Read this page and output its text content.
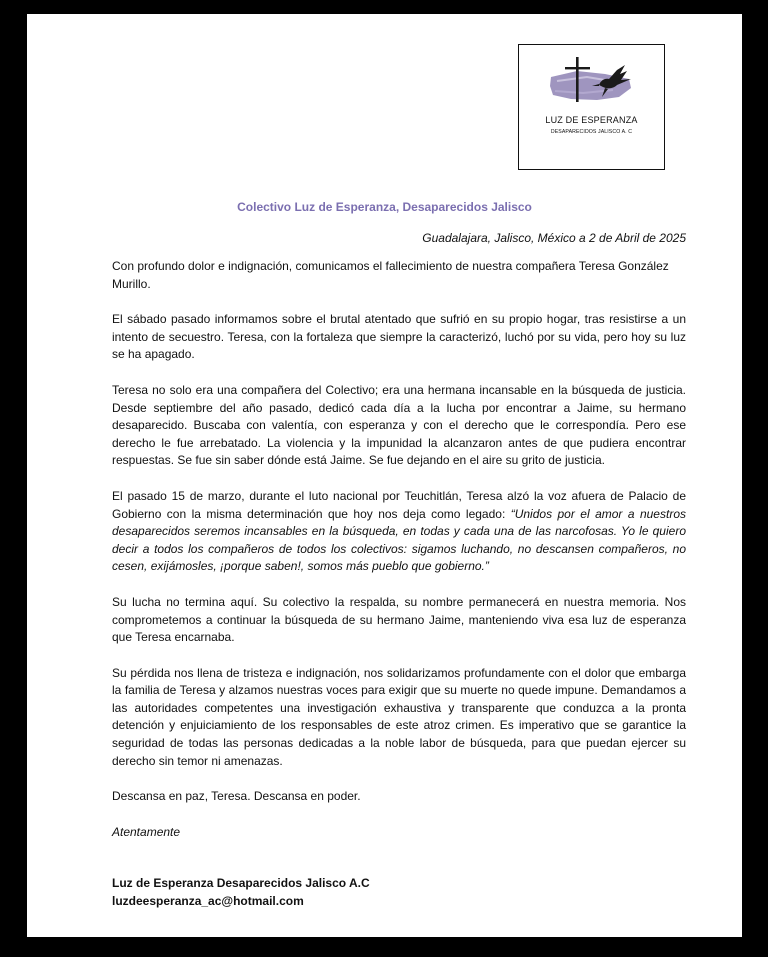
LUZ DE ESPERANZA
DESAPARECIDOS JALISCO A. C
Colectivo Luz de Esperanza, Desaparecidos Jalisco
Guadalajara, Jalisco, México a 2 de Abril de 2025

Con profundo dolor e indignación, comunicamos el fallecimiento de nuestra compañera Teresa González Murillo.

El sábado pasado informamos sobre el brutal atentado que sufrió en su propio hogar, tras resistirse a un intento de secuestro. Teresa, con la fortaleza que siempre la caracterizó, luchó por su vida, pero hoy su luz se ha apagado.

Teresa no solo era una compañera del Colectivo; era una hermana incansable en la búsqueda de justicia. Desde septiembre del año pasado, dedicó cada día a la lucha por encontrar a Jaime, su hermano desaparecido. Buscaba con valentía, con esperanza y con el derecho que le correspondía. Pero ese derecho le fue arrebatado. La violencia y la impunidad la alcanzaron antes de que pudiera encontrar respuestas. Se fue sin saber dónde está Jaime. Se fue dejando en el aire su grito de justicia.

El pasado 15 de marzo, durante el luto nacional por Teuchitlán, Teresa alzó la voz afuera de Palacio de Gobierno con la misma determinación que hoy nos deja como legado: “Unidos por el amor a nuestros desaparecidos seremos incansables en la búsqueda, en todas y cada una de las narcofosas. Yo le quiero decir a todos los compañeros de todos los colectivos: sigamos luchando, no descansen compañeros, no cesen, exijámosles, ¡porque saben!, somos más pueblo que gobierno.”

Su lucha no termina aquí. Su colectivo la respalda, su nombre permanecerá en nuestra memoria. Nos comprometemos a continuar la búsqueda de su hermano Jaime, manteniendo viva esa luz de esperanza que Teresa encarnaba.

Su pérdida nos llena de tristeza e indignación, nos solidarizamos profundamente con el dolor que embarga la familia de Teresa y alzamos nuestras voces para exigir que su muerte no quede impune. Demandamos a las autoridades competentes una investigación exhaustiva y transparente que conduzca a la pronta detención y enjuiciamiento de los responsables de este atroz crimen. Es imperativo que se garantice la seguridad de todas las personas dedicadas a la noble labor de búsqueda, para que puedan ejercer su derecho sin temor ni amenazas.

Descansa en paz, Teresa. Descansa en poder.

Atentamente

Luz de Esperanza Desaparecidos Jalisco A.C
luzdeesperanza_ac@hotmail.com
